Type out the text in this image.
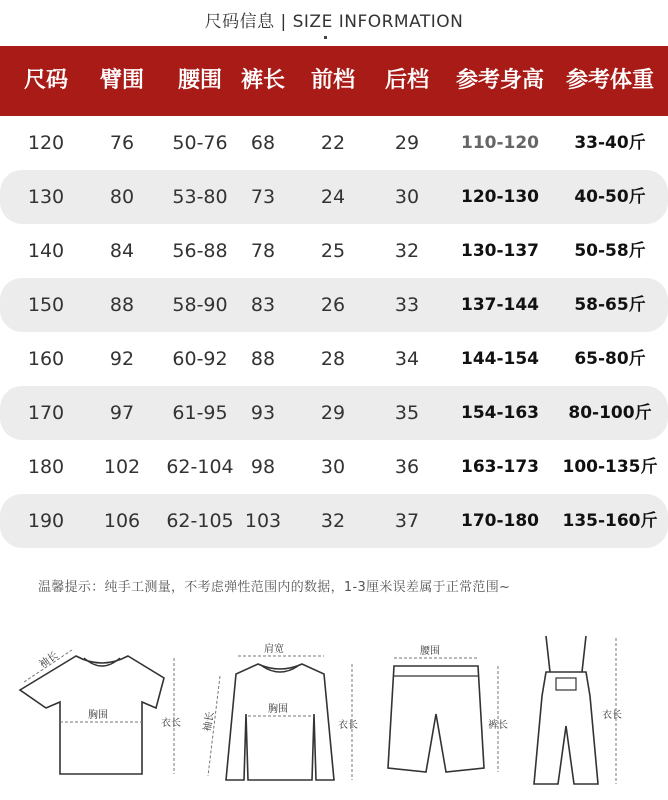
尺码信息 | SIZE INFORMATION
尺码	臂围	腰围 裤长	前档	后档	参考身高 参考体重
120	76	50-76	68	22	29	110-120	33-40斤
130	80	53-80	73	24	30	120-130	40-50斤
140	84	56-88	78	25	32	130-137	50-58斤
150	88	58-90	83	26	33	137-144	58-65斤
160	92	60-92	88	28	34	144-154	65-80斤
170	97	61-95	93	29	35	154-163	80-100斤
180	102	62-104 98	30	36	163-173	100-135斤
190	106	62-105 103	32	37	170-180	135-160斤
温馨提示：纯手工测量，不考虑弹性范围内的数据，1-3厘米误差属于正常范围~
袖长
胸围
衣长
肩宽
胸围
袖长	衣长
腰围
裤长
衣长
